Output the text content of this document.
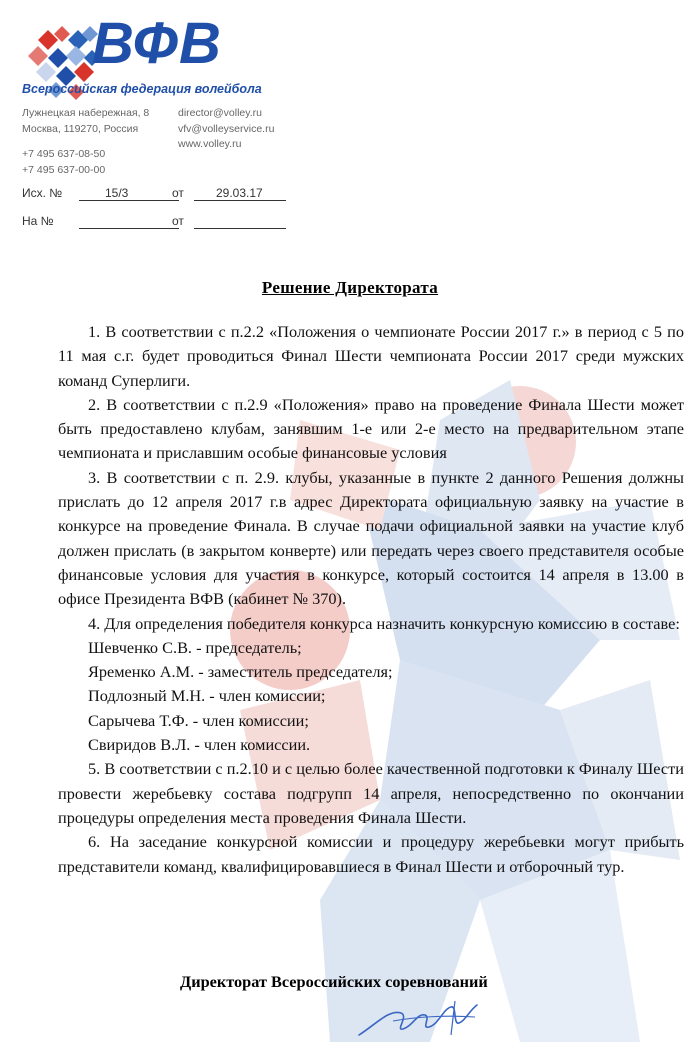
ВФВ
Всероссийская федерация волейбола
Лужнецкая набережная, 8
Москва, 119270, Россия
+7 495 637-08-50
+7 495 637-00-00
director@volley.ru
vfv@volleyservice.ru
www.volley.ru
Исх. №	15/3	от	29.03.17
На №	от
Решение Директората

1. В соответствии с п.2.2 «Положения о чемпионате России 2017 г.» в период с 5 по 11 мая с.г. будет проводиться Финал Шести чемпионата России 2017 среди мужских команд Суперлиги.

2. В соответствии с п.2.9 «Положения» право на проведение Финала Шести может быть предоставлено клубам, занявшим 1-е или 2-е место на предварительном этапе чемпионата и приславшим особые финансовые условия

3. В соответствии с п. 2.9. клубы, указанные в пункте 2 данного Решения должны прислать до 12 апреля 2017 г.в адрес Директората официальную заявку на участие в конкурсе на проведение Финала. В случае подачи официальной заявки на участие клуб должен прислать (в закрытом конверте) или передать через своего представителя особые финансовые условия для участия в конкурсе, который состоится 14 апреля в 13.00 в офисе Президента ВФВ (кабинет № 370).

4. Для определения победителя конкурса назначить конкурсную комиссию в составе:

Шевченко С.В. - председатель;

Яременко А.М. - заместитель председателя;

Подлозный М.Н. - член комиссии;

Сарычева Т.Ф. - член комиссии;

Свиридов В.Л. - член комиссии.

5. В соответствии с п.2.10 и с целью более качественной подготовки к Финалу Шести провести жеребьевку состава подгрупп 14 апреля, непосредственно по окончании процедуры определения места проведения Финала Шести.

6. На заседание конкурсной комиссии и процедуру жеребьевки могут прибыть представители команд, квалифицировавшиеся в Финал Шести и отборочный тур.

Директорат Всероссийских соревнований
